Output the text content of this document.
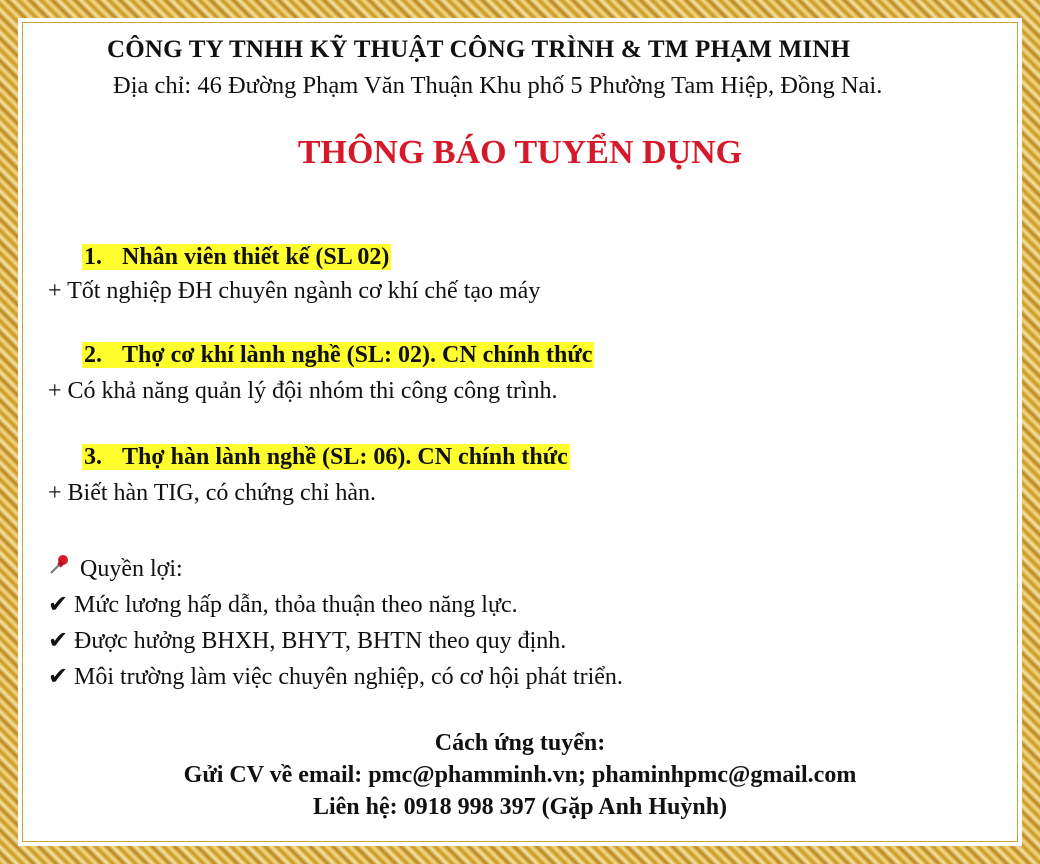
CÔNG TY TNHH KỸ THUẬT CÔNG TRÌNH & TM PHẠM MINH
Địa chỉ: 46 Đường Phạm Văn Thuận Khu phố 5 Phường Tam Hiệp, Đồng Nai.
THÔNG BÁO TUYỂN DỤNG
1. Nhân viên thiết kế (SL 02)
+ Tốt nghiệp ĐH chuyên ngành cơ khí chế tạo máy
2. Thợ cơ khí lành nghề (SL: 02). CN chính thức
+ Có khả năng quản lý đội nhóm thi công công trình.
3. Thợ hàn lành nghề (SL: 06). CN chính thức
+ Biết hàn TIG, có chứng chỉ hàn.
Quyền lợi:
✔ Mức lương hấp dẫn, thỏa thuận theo năng lực.
✔ Được hưởng BHXH, BHYT, BHTN theo quy định.
✔ Môi trường làm việc chuyên nghiệp, có cơ hội phát triển.
Cách ứng tuyển:
Gửi CV về email: pmc@phamminh.vn; phaminhpmc@gmail.com
Liên hệ: 0918 998 397 (Gặp Anh Huỳnh)
